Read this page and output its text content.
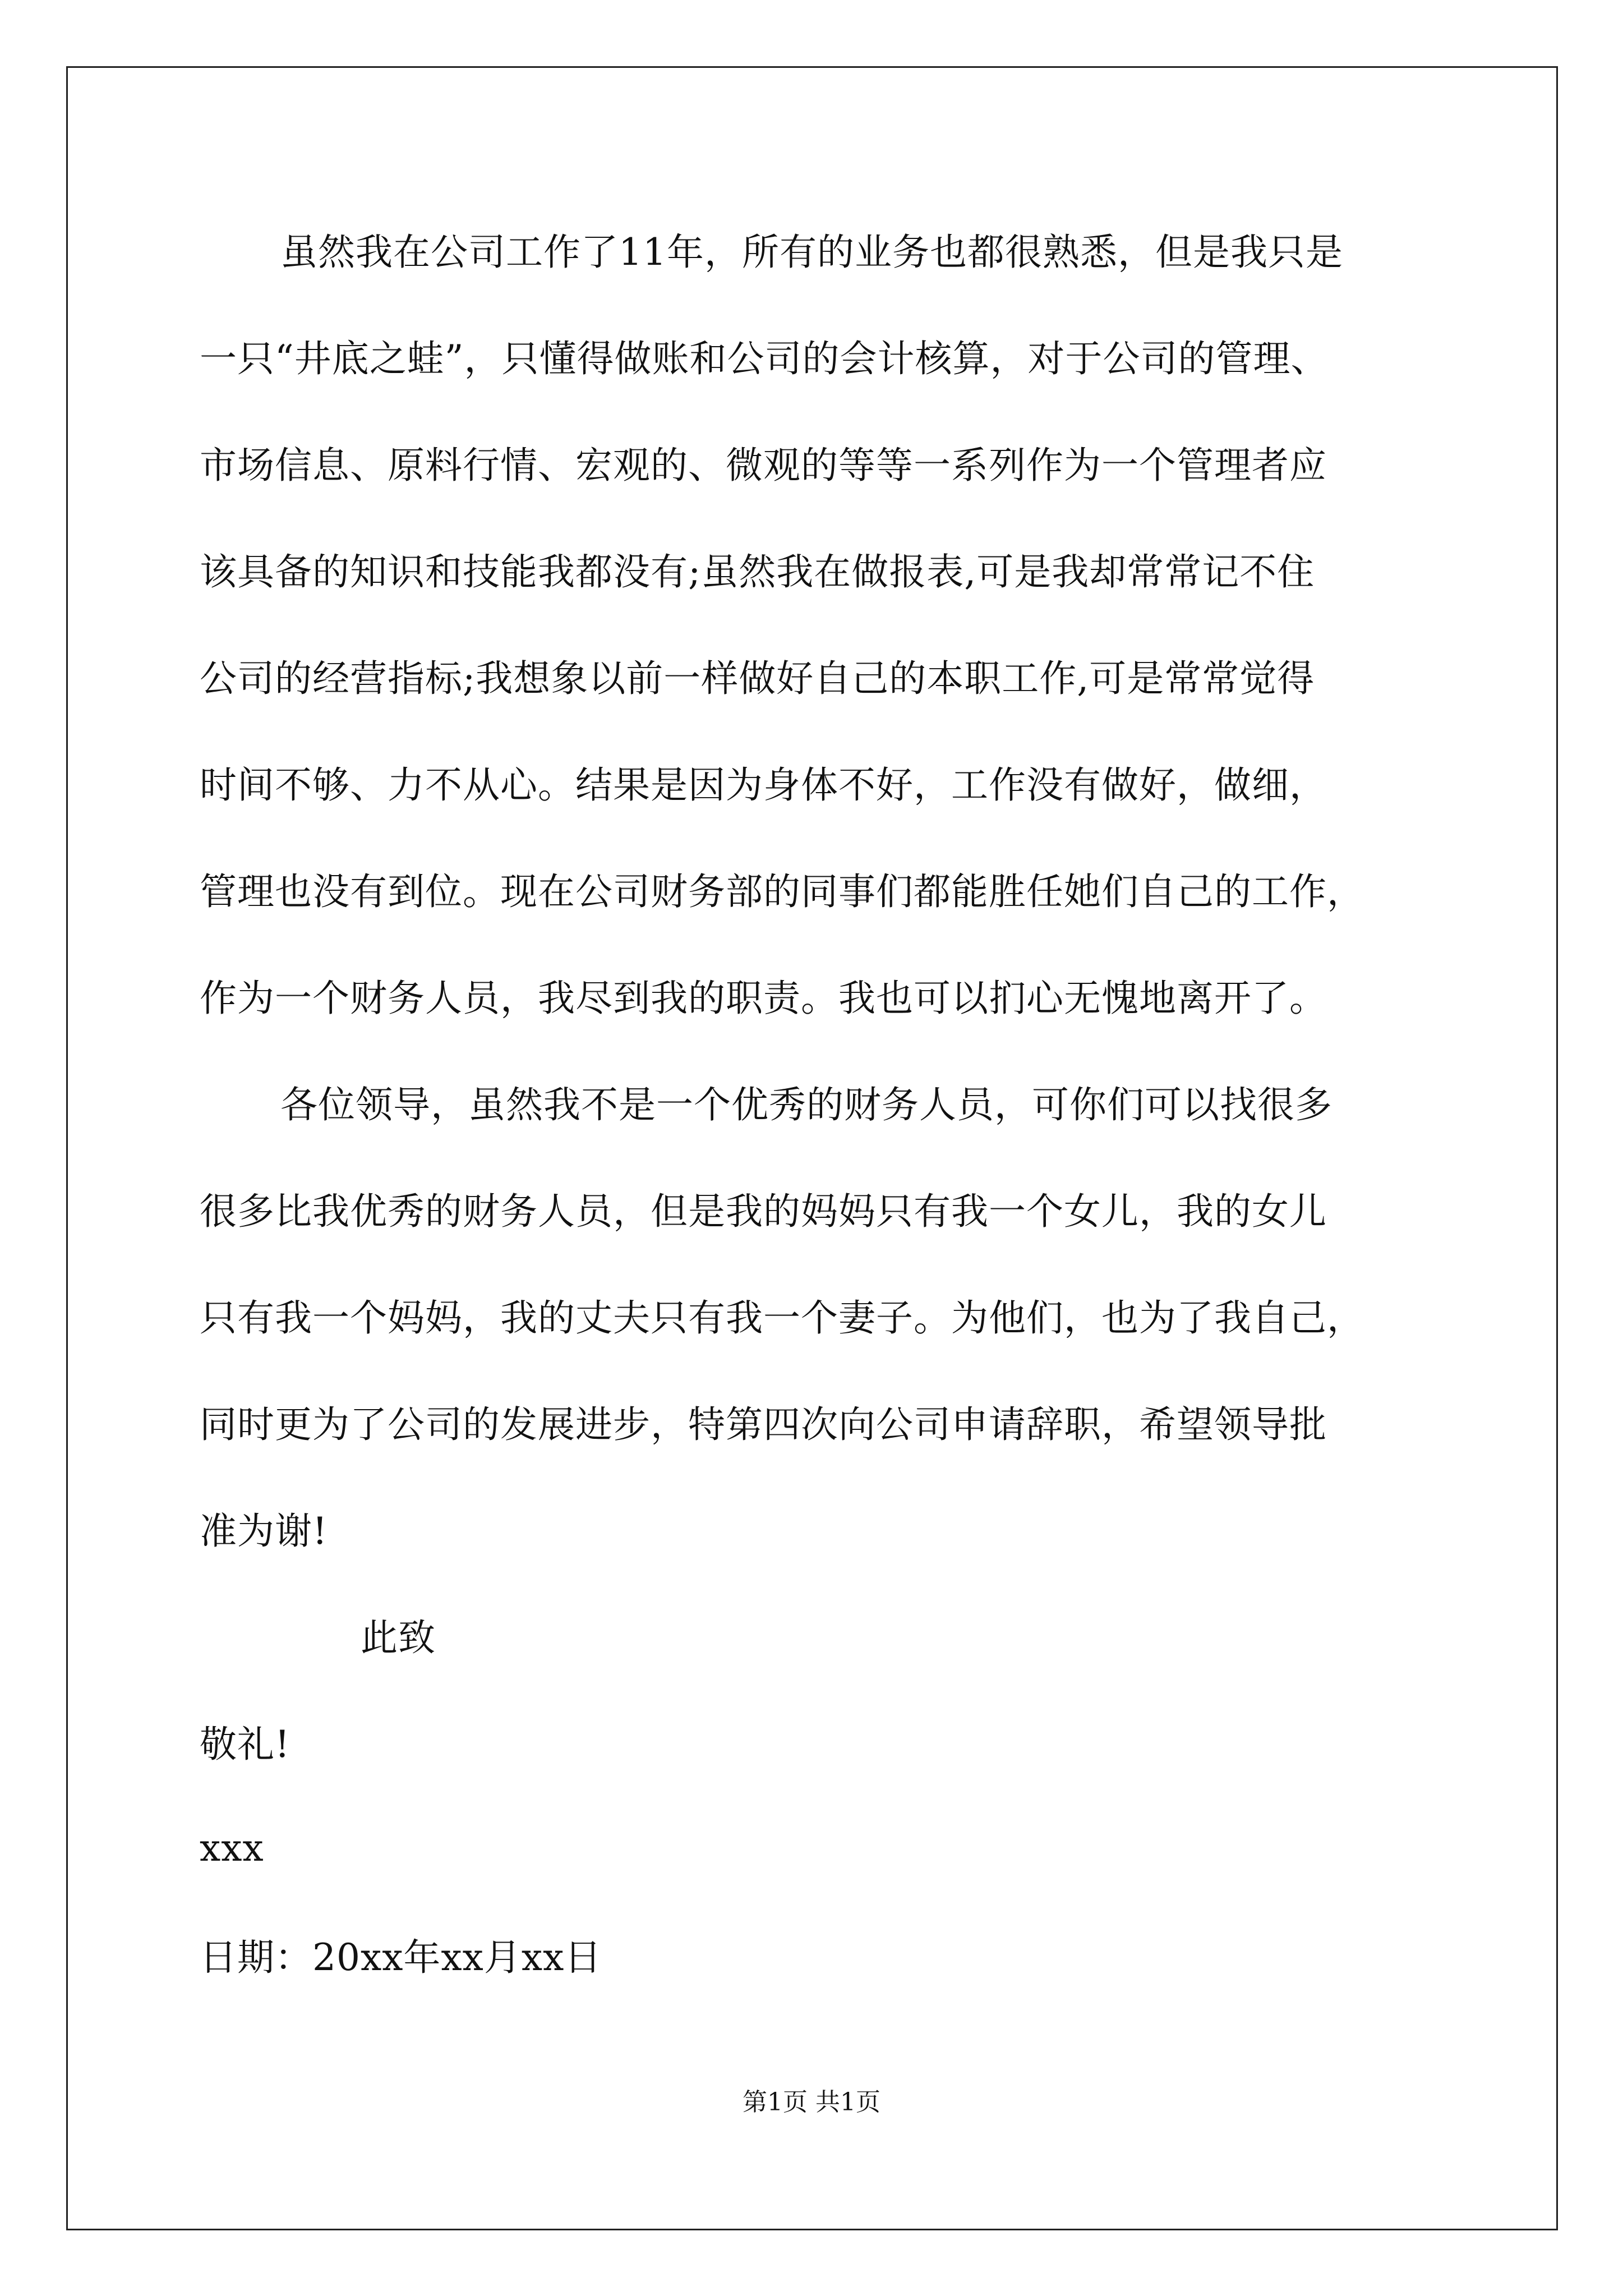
虽然我在公司工作了11年，所有的业务也都很熟悉，但是我只是
一只“井底之蛙”，只懂得做账和公司的会计核算，对于公司的管理、
市场信息、原料行情、宏观的、微观的等等一系列作为一个管理者应
该具备的知识和技能我都没有;虽然我在做报表,可是我却常常记不住
公司的经营指标;我想象以前一样做好自己的本职工作,可是常常觉得
时间不够、力不从心。结果是因为身体不好，工作没有做好，做细，
管理也没有到位。现在公司财务部的同事们都能胜任她们自己的工作，
作为一个财务人员，我尽到我的职责。我也可以扪心无愧地离开了。
各位领导，虽然我不是一个优秀的财务人员，可你们可以找很多
很多比我优秀的财务人员，但是我的妈妈只有我一个女儿，我的女儿
只有我一个妈妈，我的丈夫只有我一个妻子。为他们，也为了我自己，
同时更为了公司的发展进步，特第四次向公司申请辞职，希望领导批
准为谢!
此致
敬礼!
xxx
日期：20xx年xx月xx日
第1页 共1页
